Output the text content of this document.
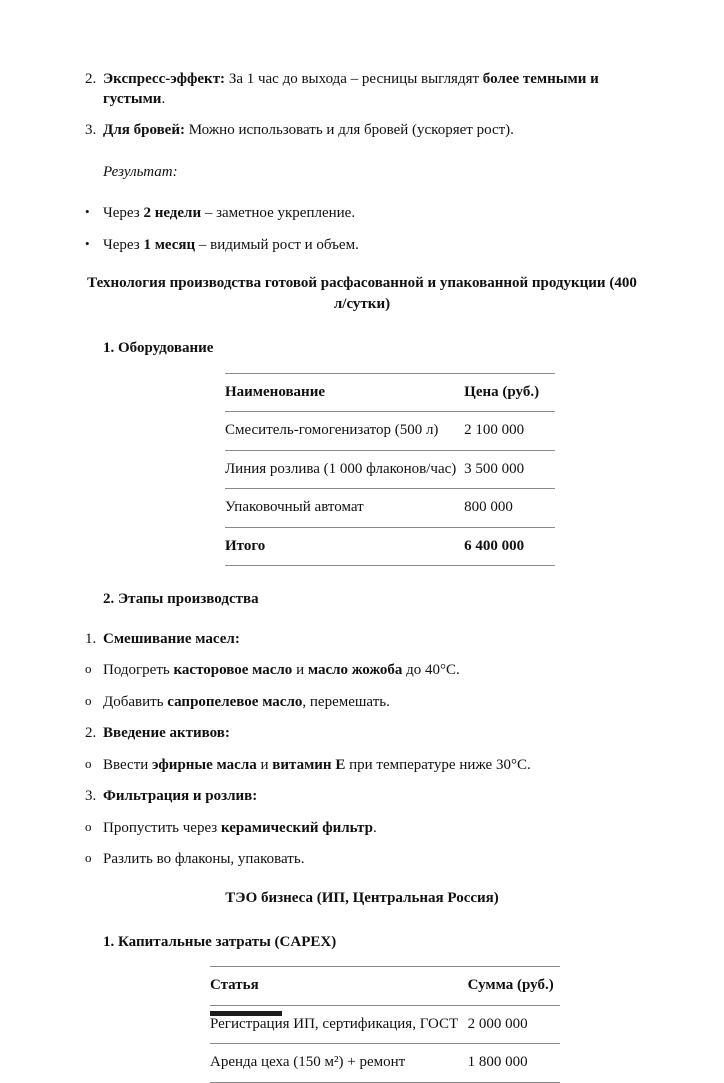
2. Экспресс-эффект: За 1 час до выхода – ресницы выглядят более темными и густыми.
3. Для бровей: Можно использовать и для бровей (ускоряет рост).
Результат:
• Через 2 недели – заметное укрепление.
• Через 1 месяц – видимый рост и объем.
Технология производства готовой расфасованной и упакованной продукции (400 л/сутки)
1. Оборудование
Наименование	Цена (руб.)
Смеситель-гомогенизатор (500 л)	2 100 000
Линия розлива (1 000 флаконов/час)	3 500 000
Упаковочный автомат	800 000
Итого	6 400 000
2. Этапы производства
1. Смешивание масел:
o Подогреть касторовое масло и масло жожоба до 40°C.
o Добавить сапропелевое масло, перемешать.
2. Введение активов:
o Ввести эфирные масла и витамин E при температуре ниже 30°С.
3. Фильтрация и розлив:
o Пропустить через керамический фильтр.
o Разлить во флаконы, упаковать.
ТЭО бизнеса (ИП, Центральная Россия)
1. Капитальные затраты (CAPEX)
Статья	Сумма (руб.)
Регистрация ИП, сертификация, ГОСТ	2 000 000
Аренда цеха (150 м²) + ремонт	1 800 000
